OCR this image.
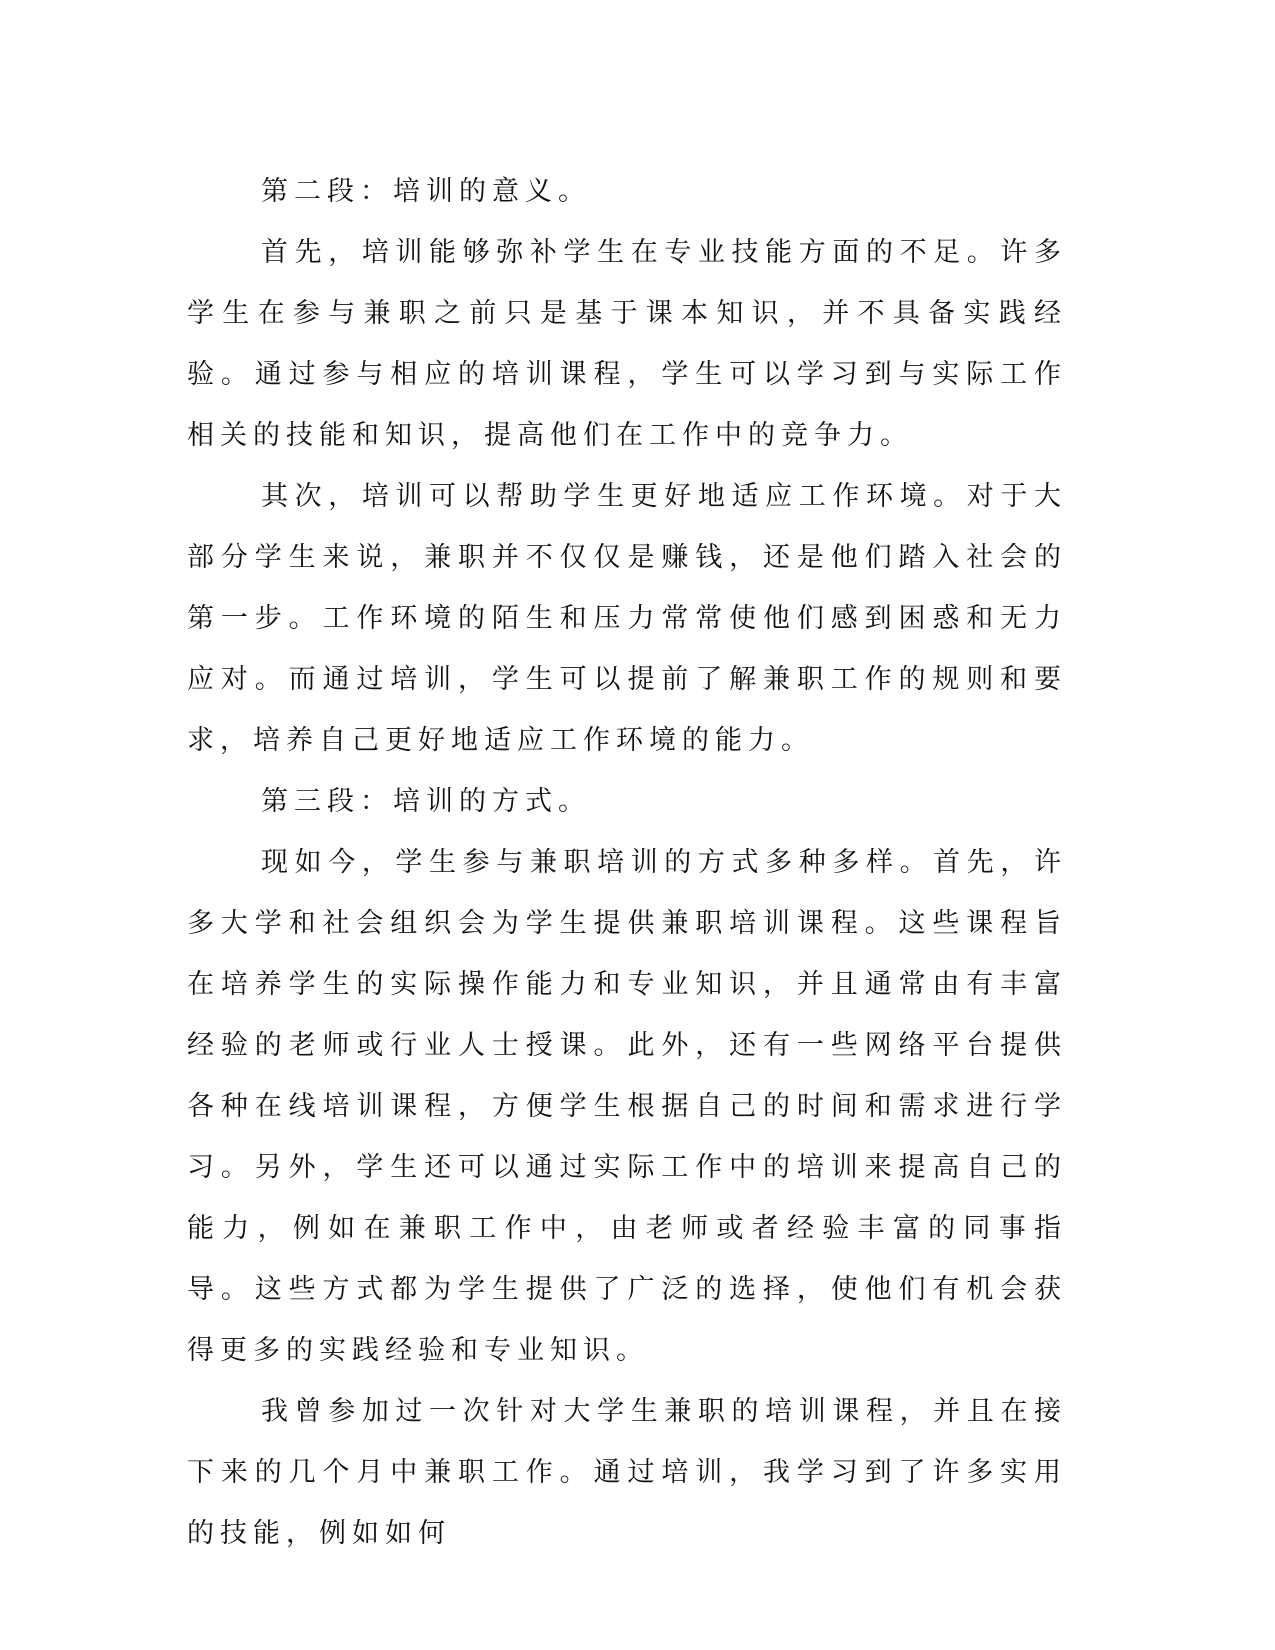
第二段：培训的意义。

首先，培训能够弥补学生在专业技能方面的不足。许多学生在参与兼职之前只是基于课本知识，并不具备实践经验。通过参与相应的培训课程，学生可以学习到与实际工作相关的技能和知识，提高他们在工作中的竞争力。

其次，培训可以帮助学生更好地适应工作环境。对于大部分学生来说，兼职并不仅仅是赚钱，还是他们踏入社会的第一步。工作环境的陌生和压力常常使他们感到困惑和无力应对。而通过培训，学生可以提前了解兼职工作的规则和要求，培养自己更好地适应工作环境的能力。

第三段：培训的方式。

现如今，学生参与兼职培训的方式多种多样。首先，许多大学和社会组织会为学生提供兼职培训课程。这些课程旨在培养学生的实际操作能力和专业知识，并且通常由有丰富经验的老师或行业人士授课。此外，还有一些网络平台提供各种在线培训课程，方便学生根据自己的时间和需求进行学习。另外，学生还可以通过实际工作中的培训来提高自己的能力，例如在兼职工作中，由老师或者经验丰富的同事指导。这些方式都为学生提供了广泛的选择，使他们有机会获得更多的实践经验和专业知识。

我曾参加过一次针对大学生兼职的培训课程，并且在接下来的几个月中兼职工作。通过培训，我学习到了许多实用的技能，例如如何
